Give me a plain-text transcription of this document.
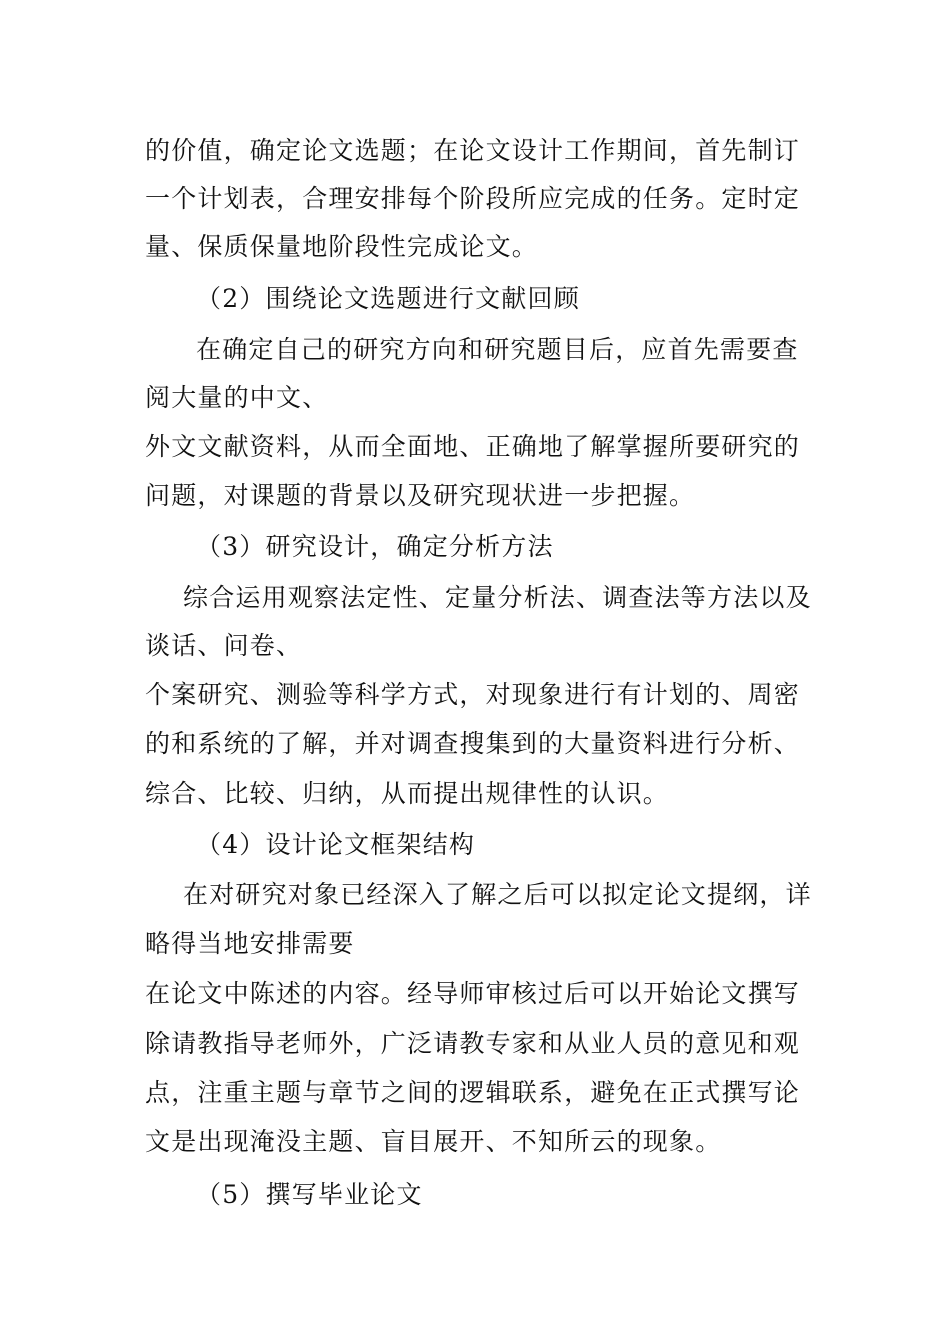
的价值，确定论文选题；在论文设计工作期间，首先制订
一个计划表，合理安排每个阶段所应完成的任务。定时定
量、保质保量地阶段性完成论文。
（2）围绕论文选题进行文献回顾
在确定自己的研究方向和研究题目后，应首先需要查
阅大量的中文、
外文文献资料，从而全面地、正确地了解掌握所要研究的
问题，对课题的背景以及研究现状进一步把握。
（3）研究设计，确定分析方法
综合运用观察法定性、定量分析法、调查法等方法以及
谈话、问卷、
个案研究、测验等科学方式，对现象进行有计划的、周密
的和系统的了解，并对调查搜集到的大量资料进行分析、
综合、比较、归纳，从而提出规律性的认识。
（4）设计论文框架结构
在对研究对象已经深入了解之后可以拟定论文提纲，详
略得当地安排需要
在论文中陈述的内容。经导师审核过后可以开始论文撰写
除请教指导老师外，广泛请教专家和从业人员的意见和观
点，注重主题与章节之间的逻辑联系，避免在正式撰写论
文是出现淹没主题、盲目展开、不知所云的现象。
（5）撰写毕业论文
